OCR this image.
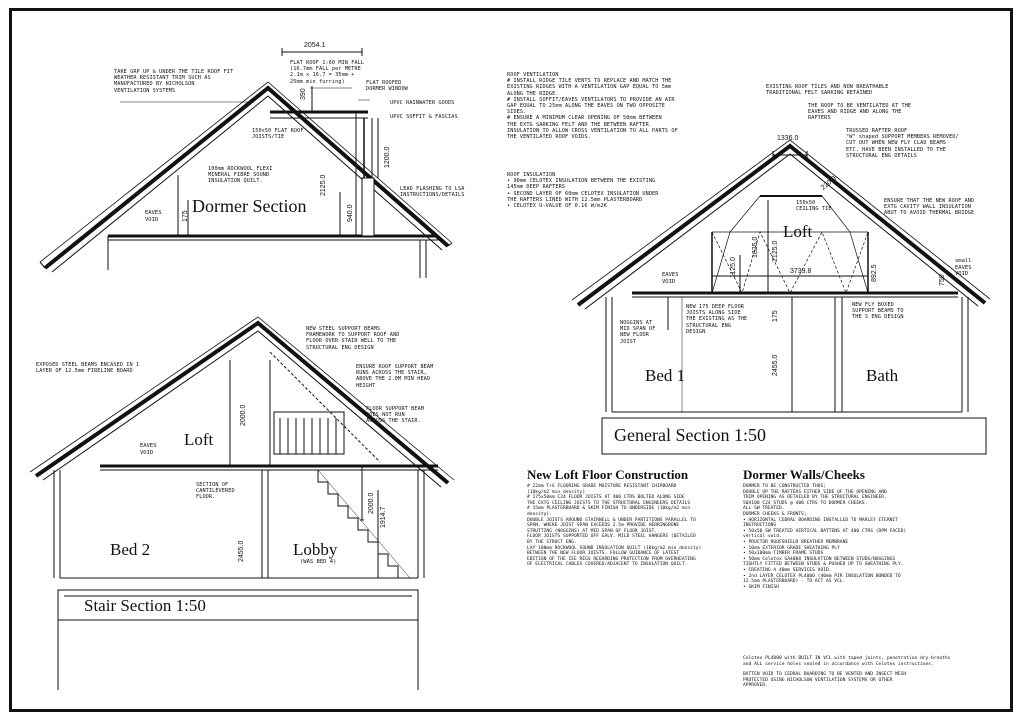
TAKE GRP UP & UNDER THE TILE ROOF FIT
WEATHER RESISTANT TRIM SUCH AS
MANUFACTURED BY NICHOLSON
VENTILATION SYSTEMS
2054.1
FLAT ROOF 1:60 MIN FALL
(16.7mm FALL per METRE
2.1m x 16.7 = 35mm +
25mm min furring)
390
FLAT ROOFED
DORMER WINDOW
UPVC RAINWATER GOODS
UPVC SOFFIT & FASCIAS
150x50 FLAT ROOF
JOISTS/TIE
1200.0
100mm ROCKWOOL FLEXI
MINERAL FIBRE SOUND
INSULATION QUILT.	2125.0
940.0
LEAD FLASHING TO LSA
INSTRUCTIONS/DETAILS
175
EAVES
VOID
Dormer Section
ROOF VENTILATION
# INSTALL RIDGE TILE VENTS TO REPLACE AND MATCH THE
EXISTING RIDGES WITH A VENTILATION GAP EQUAL TO 5mm
ALONG THE RIDGE.
# INSTALL SOFFIT/EAVES VENTILATORS TO PROVIDE AN AIR
GAP EQUAL TO 25mm ALONG THE EAVES ON TWO OPPOSITE
SIDES.
# ENSURE A MINIMUM CLEAR OPENING OF 50mm BETWEEN
THE EXTG SARKING FELT AND THE BETWEEN RAFTER
INSULATION TO ALLOW CROSS VENTILATION TO ALL PARTS OF
THE VENTILATED ROOF VOIDS.
ROOF INSULATION
• 90mm CELOTEX INSULATION BETWEEN THE EXISTING
145mm DEEP RAFTERS
• SECOND LAYER OF 60mm CELOTEX INSULATION UNDER
THE RAFTERS LINED WITH 12.5mm PLASTERBOARD
• CELOTEX U-VALUE OF 0.16 W/m2K
EXISTING ROOF TILES AND NON BREATHABLE
TRADITIONAL FELT SARKING RETAINED
THE ROOF TO BE VENTILATED AT THE
EAVES AND RIDGE AND ALONG THE
RAFTERS
TRUSSED RAFTER ROOF
"W" shaped SUPPORT MEMBERS REMOVED/
CUT OUT WHEN NEW FLY CLAD BEAMS
ETC. HAVE BEEN INSTALLED TO THE
STRUCTURAL ENG DETAILS
1336.0
220.0
ENSURE THAT THE NEW ROOF AND
EXTG CAVITY WALL INSULATION
ABUT TO AVOID THERMAL BRIDGE
150x50
CEILING TIE
Loft
1825.0 2125.0
1125.0	3739.8	892.5	750
small
EAVES
VOID
EAVES
VOID
NOGGINS AT
MID SPAN OF
NEW FLOOR
JOIST
NEW 175 DEEP FLOOR
JOISTS ALONG SIDE
THE EXISTING AS THE
STRUCTURAL ENG
DESIGN
NEW FLY BOXED
SUPPORT BEAMS TO
THE S ENG DESIGN
175
2455.0
Bed 1	Bath
General Section 1:50
NEW STEEL SUPPORT BEAMS
FRAMEWORK TO SUPPORT ROOF AND
FLOOR OVER STAIR WELL TO THE
STRUCTURAL ENG DESIGN
EXPOSED STEEL BEAMS ENCASED IN 1
LAYER OF 12.5mm FIRELINE BOARD
ENSURE ROOF SUPPORT BEAM
RUNS ACROSS THE STAIR,
ABOVE THE 2.0M MIN HEAD
HEIGHT
FLOOR SUPPORT BEAM
DOES NOT RUN
ACROSS THE STAIR.
2000.0
Loft
EAVES
VOID
SECTION OF
CANTILEVERED
FLOOR.	2000.0
1914.7
2455.0
Bed 2	Lobby
(WAS BED 4)
Stair Section 1:50
New Loft Floor Construction
# 22mm T+G FLOORING GRADE MOISTURE RESISTANT CHIPBOARD
(18kg/m2 min density)
# 175x50mm C24 FLOOR JOISTS AT 400 CTRS BOLTED ALONG SIDE
THE EXTG CEILING JOISTS TO THE STRUCTURAL ENGINEERS DETAILS
# 15mm PLASTERBOARD & SKIM FINISH TO UNDERSIDE (10kg/m2 min
density).
DOUBLE JOISTS AROUND STAIRWELL & UNDER PARTITIONS PARALLEL TO
SPAN. WHERE JOIST SPAN EXCEEDS 2.5m PROVIDE HERRINGBONE
STRUTTING (NOGGINS) AT MID SPAN OF FLOOR JOIST.
FLOOR JOISTS SUPPORTED OFF GALV. MILD STEEL HANGERS (DETAILED
BY THE STRUCT ENG.
LAY 100mm ROCKWOOL SOUND INSULATION QUILT (10kg/m2 min density)
BETWEEN THE NEW FLOOR JOISTS. FOLLOW GUIDANCE OF LATEST
EDITION OF THE IEE REGS REGARDING PROTECTION FROM OVERHEATING
OF ELECTRICAL CABLES COVERED/ADJACENT TO INSULATION QUILT.
Dormer Walls/Cheeks
DORMER TO BE CONSTRUCTED THUS;
DOUBLE UP THE RAFTERS EITHER SIDE OF THE OPENING AND
TRIM OPENING AS DETAILED BY THE STRUCTURAL ENGINEER.
50X100 C24 STUDS @ 400 CTRS TO DORMER CHEEKS.
ALL SW TREATED.
DORMER CHEEKS & FRONTS;
• HORIZONTAL CEDRAL BOARDING INSTALLED TO MARLEY ETERNIT
INSTRUCTIONS
• 50x50 SW TREATED VERTICAL BATTENS AT 400 CTRS (DPM FACED)
vertical void.
• PROCTOR ROOFSHIELD BREATHER MEMBRANE
• 10mm EXTERIOR GRADE SHEATHING PLY
• 50x100mm TIMBER FRAME STUDS
• 50mm Celotex GA4000 INSULATION BETWEEN STUDS/NOGGINGS
TIGHTLY FITTED BETWEEN STUDS & PUSHED UP TO SHEATHING PLY.
• CREATING A 40mm SERVICES VOID.
• 2nd LAYER CELOTEX PL4000 (40mm PIR INSULATION BONDED TO
12.5mm PLASTERBOARD) - TO ACT AS VCL.
• SKIM FINISH
Celotex PL4000 with BUILT IN VCL with taped joints, penetration dry-breaths
and ALL service holes sealed in accordance with Celotex instructions.
BATTEN VOID TO CEDRAL BOARDING TO BE VENTED AND INSECT MESH
PROTECTED USING NICHOLSON VENTILATION SYSTEMS OR OTHER
APPROVED.
